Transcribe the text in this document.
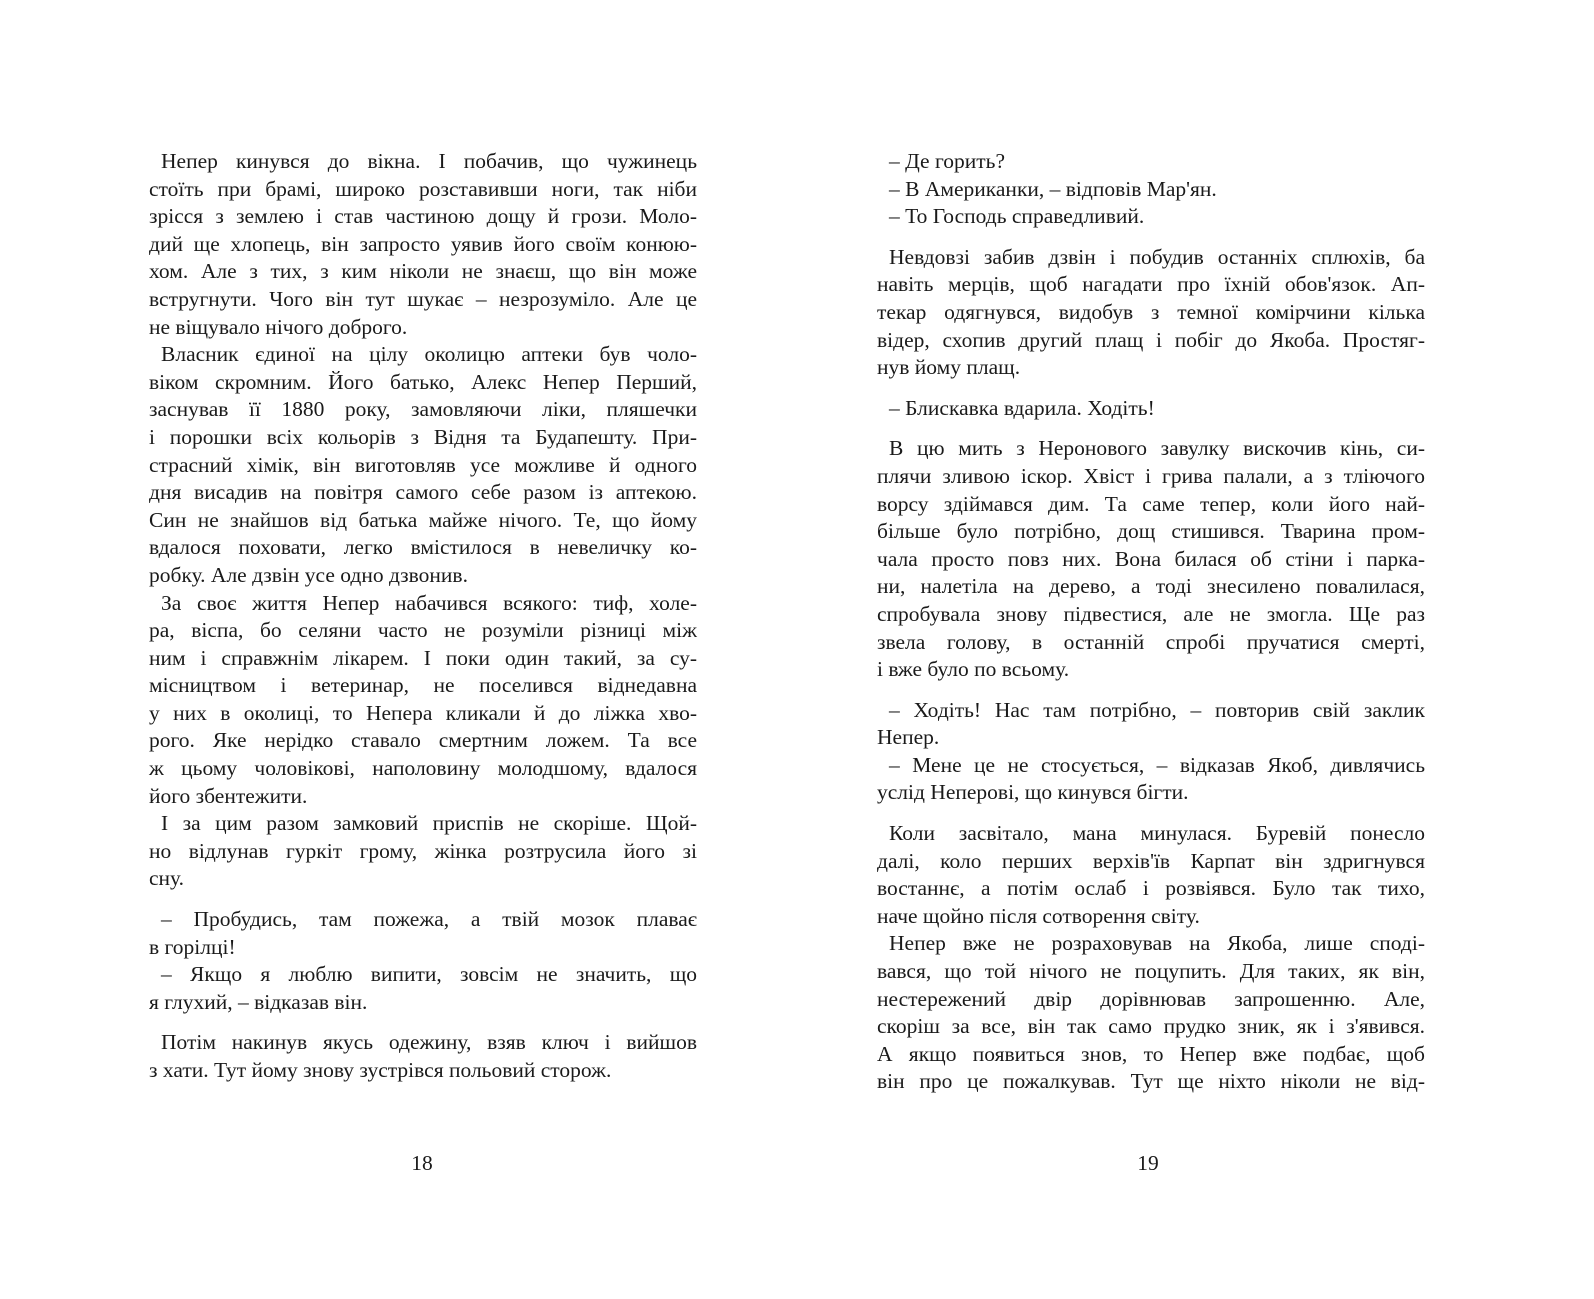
Непер кинувся до вікна. І побачив, що чужинець
стоїть при брамі, широко розставивши ноги, так ніби
зрісся з землею і став частиною дощу й грози. Моло-
дий ще хлопець, він запросто уявив його своїм конюю-
хом. Але з тих, з ким ніколи не знаєш, що він може
встругнути. Чого він тут шукає – незрозуміло. Але це
не віщувало нічого доброго.
Власник єдиної на цілу околицю аптеки був чоло-
віком скромним. Його батько, Алекс Непер Перший,
заснував її 1880 року, замовляючи ліки, пляшечки
і порошки всіх кольорів з Відня та Будапешту. При-
страсний хімік, він виготовляв усе можливе й одного
дня висадив на повітря самого себе разом із аптекою.
Син не знайшов від батька майже нічого. Те, що йому
вдалося поховати, легко вмістилося в невеличку ко-
робку. Але дзвін усе одно дзвонив.
За своє життя Непер набачився всякого: тиф, холе-
ра, віспа, бо селяни часто не розуміли різниці між
ним і справжнім лікарем. І поки один такий, за су-
місництвом і ветеринар, не поселився віднедавна
у них в околиці, то Непера кликали й до ліжка хво-
рого. Яке нерідко ставало смертним ложем. Та все
ж цьому чоловікові, наполовину молодшому, вдалося
його збентежити.
І за цим разом замковий приспів не скоріше. Щой-
но відлунав гуркіт грому, жінка розтрусила його зі
сну.
– Пробудись, там пожежа, а твій мозок плаває
в горілці!
– Якщо я люблю випити, зовсім не значить, що
я глухий, – відказав він.
Потім накинув якусь одежину, взяв ключ і вийшов
з хати. Тут йому знову зустрівся польовий сторож.
– Де горить?
– В Американки, – відповів Мар'ян.
– То Господь справедливий.
Невдовзі забив дзвін і побудив останніх сплюхів, ба
навіть мерців, щоб нагадати про їхній обов'язок. Ап-
текар одягнувся, видобув з темної комірчини кілька
відер, схопив другий плащ і побіг до Якоба. Простяг-
нув йому плащ.
– Блискавка вдарила. Ходіть!
В цю мить з Неронового завулку вискочив кінь, си-
плячи зливою іскор. Хвіст і грива палали, а з тліючого
ворсу здіймався дим. Та саме тепер, коли його най-
більше було потрібно, дощ стишився. Тварина пром-
чала просто повз них. Вона билася об стіни і парка-
ни, налетіла на дерево, а тоді знесилено повалилася,
спробувала знову підвестися, але не змогла. Ще раз
звела голову, в останній спробі пручатися смерті,
і вже було по всьому.
– Ходіть! Нас там потрібно, – повторив свій заклик
Непер.
– Мене це не стосується, – відказав Якоб, дивлячись
услід Неперові, що кинувся бігти.
Коли засвітало, мана минулася. Буревій понесло
далі, коло перших верхів'їв Карпат він здригнувся
востаннє, а потім ослаб і розвіявся. Було так тихо,
наче щойно після сотворення світу.
Непер вже не розраховував на Якоба, лише споді-
вався, що той нічого не поцупить. Для таких, як він,
нестережений двір дорівнював запрошенню. Але,
скоріш за все, він так само прудко зник, як і з'явився.
А якщо появиться знов, то Непер вже подбає, щоб
він про це пожалкував. Тут ще ніхто ніколи не від-
18	19
